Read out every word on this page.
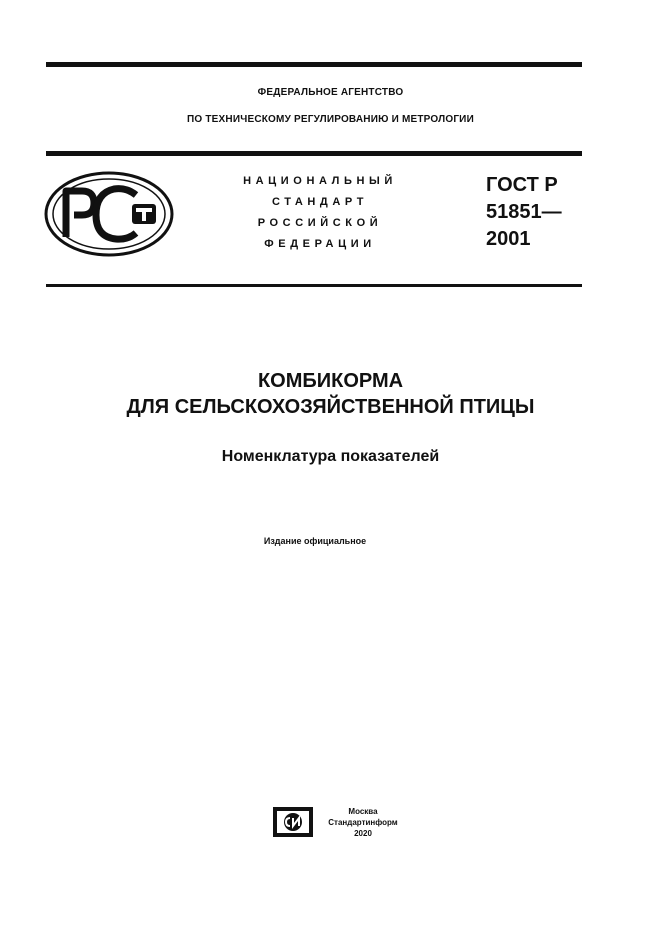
ФЕДЕРАЛЬНОЕ АГЕНТСТВО
ПО ТЕХНИЧЕСКОМУ РЕГУЛИРОВАНИЮ И МЕТРОЛОГИИ
НАЦИОНАЛЬНЫЙ
СТАНДАРТ
РОССИЙСКОЙ
ФЕДЕРАЦИИ
ГОСТ Р
51851—
2001
КОМБИКОРМА
ДЛЯ СЕЛЬСКОХОЗЯЙСТВЕННОЙ ПТИЦЫ
Номенклатура показателей
Издание официальное
Москва
Стандартинформ
2020
